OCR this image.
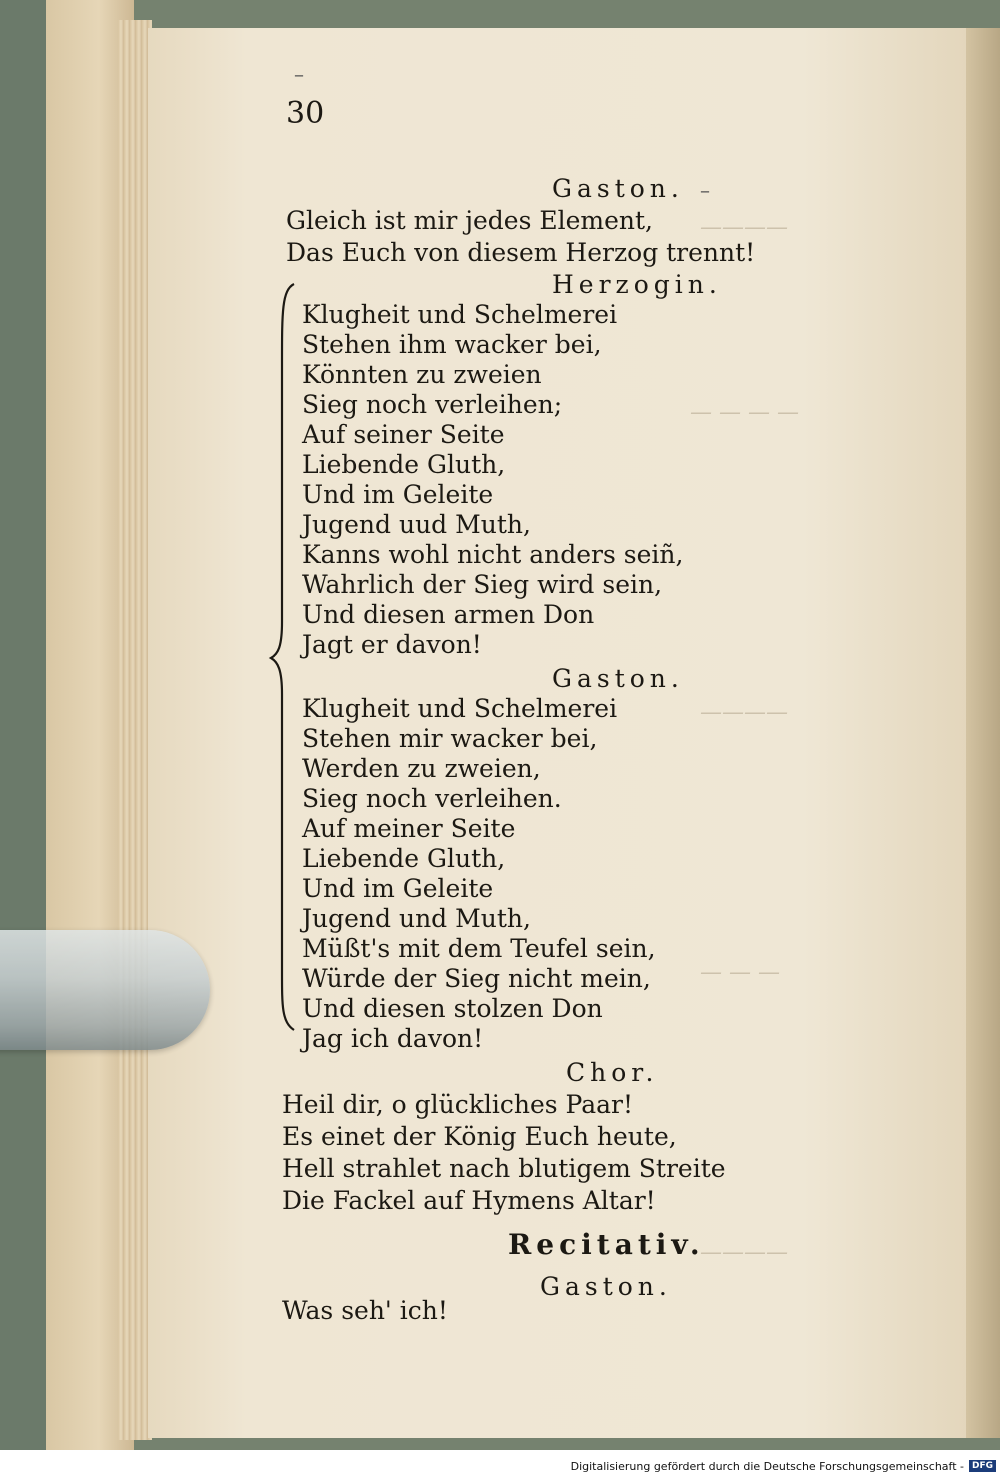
————
— — — —
————
— — —
————
30
Gaston.
Gleich ist mir jedes Element,
Das Euch von diesem Herzog trennt!
Herzogin.
Klugheit und Schelmerei
Stehen ihm wacker bei,
Könnten zu zweien
Sieg noch verleihen;
Auf seiner Seite
Liebende Gluth,
Und im Geleite
Jugend uud Muth,
Kanns wohl nicht anders seiñ,
Wahrlich der Sieg wird sein,
Und diesen armen Don
Jagt er davon!
Gaston.
Klugheit und Schelmerei
Stehen mir wacker bei,
Werden zu zweien,
Sieg noch verleihen.
Auf meiner Seite
Liebende Gluth,
Und im Geleite
Jugend und Muth,
Müßt's mit dem Teufel sein,
Würde der Sieg nicht mein,
Und diesen stolzen Don
Jag ich davon!
Chor.
Heil dir, o glückliches Paar!
Es einet der König Euch heute,
Hell strahlet nach blutigem Streite
Die Fackel auf Hymens Altar!
Recitativ.
Gaston.
Was seh' ich!
–
–
Digitalisierung gefördert durch die Deutsche Forschungsgemeinschaft - DFG
